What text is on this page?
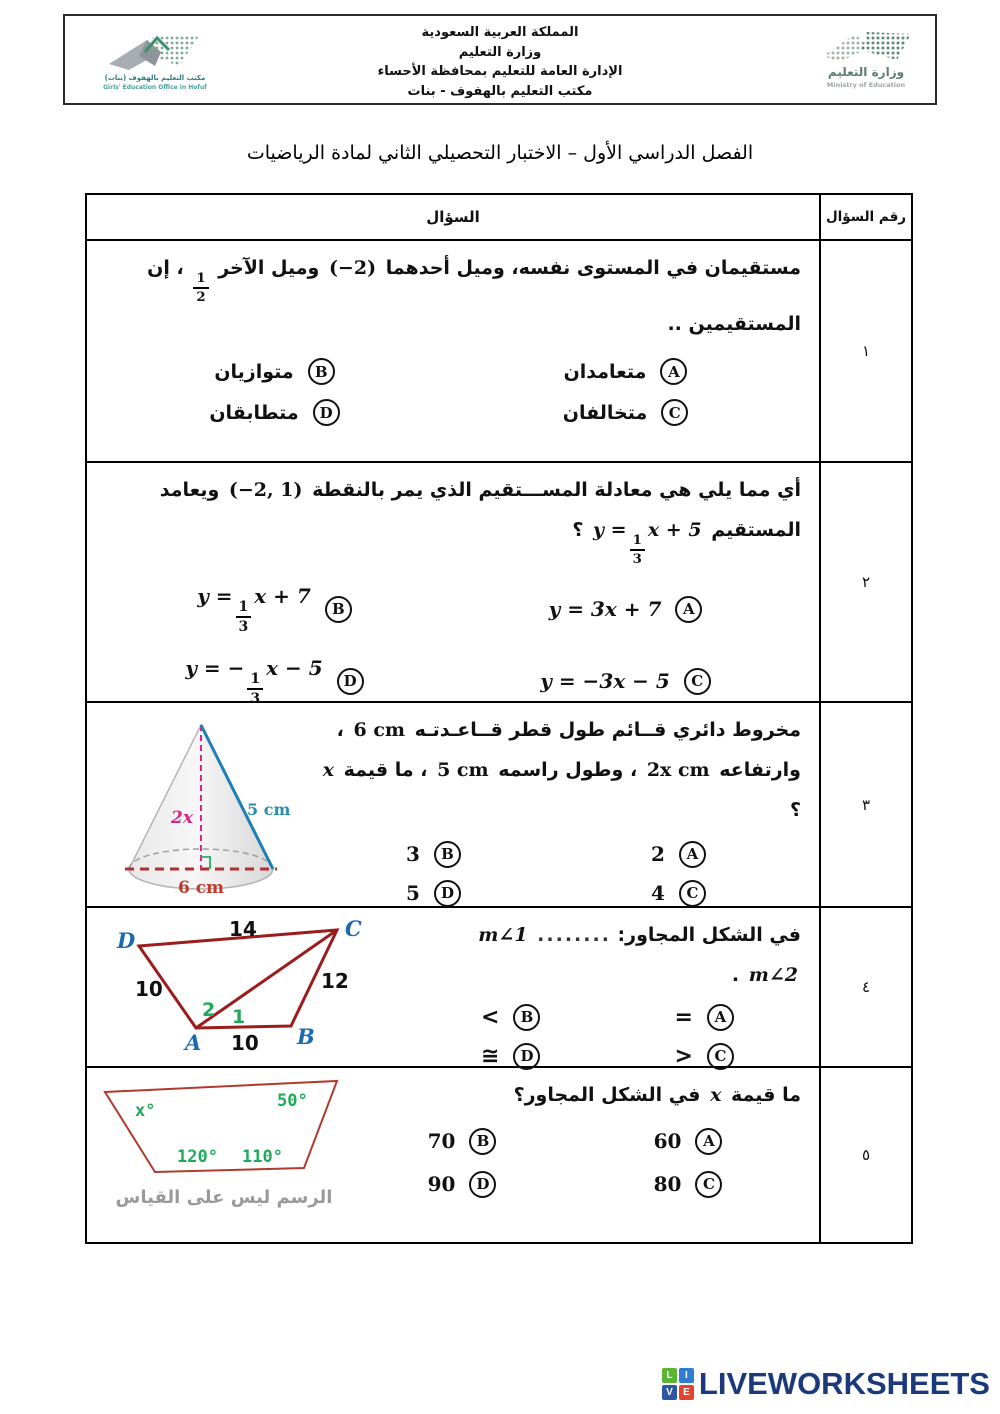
مكتب التعليم بالهفوف (بنات)
Girls' Education Office in Hofuf
المملكة العربية السعودية
وزارة التعليم
الإدارة العامة للتعليم بمحافظة الأحساء
مكتب التعليم بالهفوف - بنات
وزارة التعليم
Ministry of Education
الفصل الدراسي الأول – الاختبار التحصيلي الثاني لمادة الرياضيات
رقم السؤال
السؤال
١
مستقيمان في المستوى نفسه، وميل أحدهما (−2) وميل الآخر
$\frac{1}{2}$
، إن
المستقيمين ..
A
متعامدان
B
متوازيان
C
متخالفان
D
متطابقان
٢
أي مما يلي هي معادلة المســـتقيم الذي يمر بالنقطة (−2, 1) ويعامد
المستقيم y =
$\frac{1}{3}$
x + 5 ؟
A
y = 3x + 7
B
y =
$\frac{1}{3}$
x + 7
C
y = −3x − 5
D
y = −
$\frac{1}{3}$
x − 5
٣
مخروط دائري قــائم طول قطر قــاعـدتـه 6 cm ،
وارتفاعه 2x cm ، وطول راسمه 5 cm ، ما قيمة x ؟
A
2
B
3
C
4
D
5
2x	5 cm
6 cm
٤
في الشكل المجاور: m∠1 ........ m∠2 .
A
=
B
<
C
>
D
≅
D	C
A	B
14
10	12
10
2 1
٥
ما قيمة x في الشكل المجاور؟
A
60
B
70
C
80
D
90
x°	50°
120° 110°
الرسم ليس على القياس
L	I
V	E LIVEWORKSHEETS
